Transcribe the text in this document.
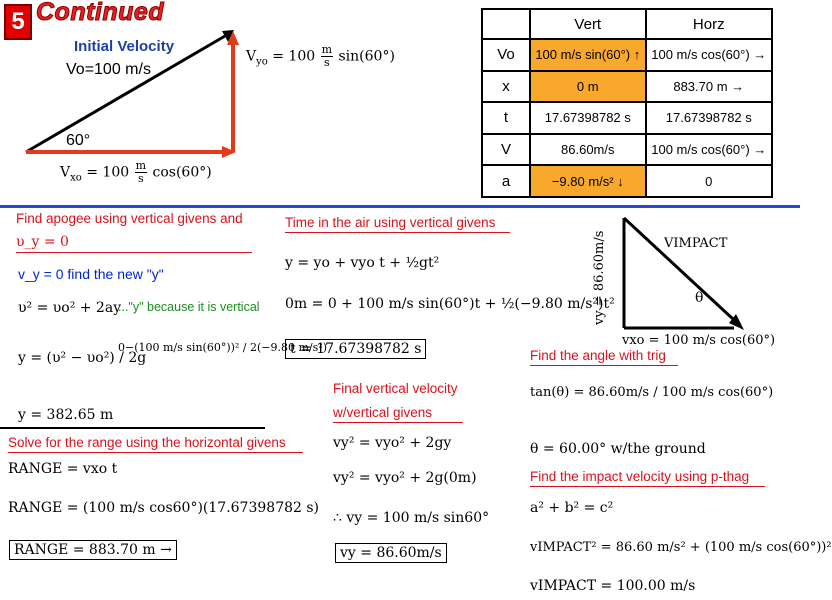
5 Continued
Initial Velocity
Vo=100 m/s
60°
$V_{yo} = 100 \frac{m}{s} \sin(60^\circ)$
$V_{xo} = 100 \frac{m}{s} \cos(60^\circ)$
	Vert	Horz
Vo	100 m/s sin(60°) ↑	100 m/s cos(60°) →
x	0 m	883.70 m →
t	17.67398782 s	17.67398782 s
V	86.60m/s	100 m/s cos(60°) →
a	−9.80 m/s² ↓	0
Find apogee using vertical givens and
υ_y = 0
v_y = 0 find the new "y"
υ² = υo² + 2ay
..."y" because it is vertical
y = (υ² − υo²) / 2g
0−(100 m/s sin(60°))² / 2(−9.80 m/s²)
y = 382.65 m
Time in the air using vertical givens
y = yo + vyo t + ½gt²
0m = 0 + 100 m/s sin(60°)t + ½(−9.80 m/s²)t²
t = 17.67398782 s
Solve for the range using the horizontal givens
RANGE = vxo t
RANGE = (100 m/s cos60°)(17.67398782 s)
RANGE = 883.70 m →
Final vertical velocity
w/vertical givens
vy² = vyo² + 2gy
vy² = vyo² + 2g(0m)
∴ vy = 100 m/s sin60°
vy = 86.60m/s
vy = 86.60m/s	VIMPACT
θ
vxo = 100 m/s cos(60°)
Find the angle with trig
tan(θ) = 86.60m/s / 100 m/s cos(60°)
θ = 60.00° w/the ground
Find the impact velocity using p-thag
a² + b² = c²
vIMPACT² = 86.60 m/s² + (100 m/s cos(60°))²
vIMPACT = 100.00 m/s
